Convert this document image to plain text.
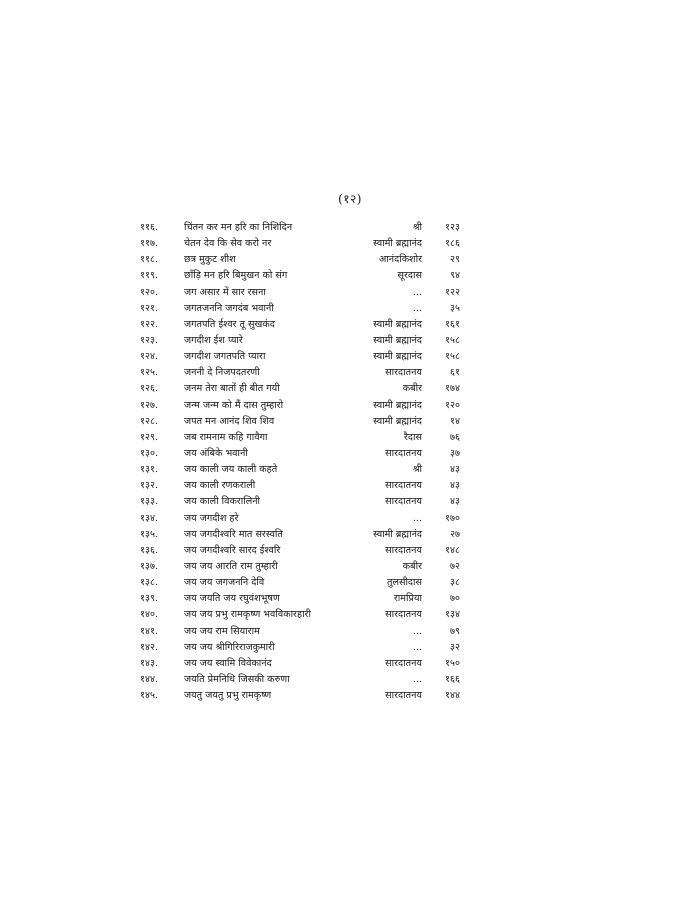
(१२)
११६.	चिंतन कर मन हरि का निशिदिन	श्री	१२३
११७.	चेतन देव कि सेव करो नर	स्वामी ब्रह्मानंद	१८६
११८.	छत्र मुकुट शीश	आनंदकिशोर	२९
११९.	छाँड़ि मन हरि बिमुखन को संग	सूरदास	९४
१२०.	जग असार में सार रसना	...	१२२
१२१.	जगतजननि जगदंब भवानी	...	३५
१२२.	जगतपति ईश्वर तू सुखकंद	स्वामी ब्रह्मानंद	१६१
१२३.	जगदीश ईश प्यारे	स्वामी ब्रह्मानंद	१५८
१२४.	जगदीश जगतपति प्यारा	स्वामी ब्रह्मानंद	१५८
१२५.	जननी दे निजपदतरणी	सारदातनय	६१
१२६.	जनम तेरा बातों ही बीत गयी	कबीर	१७४
१२७.	जन्म जन्म को मैं दास तुम्हारो	स्वामी ब्रह्मानंद	१२०
१२८.	जपत मन आनंद शिव शिव	स्वामी ब्रह्मानंद	१४
१२९.	जब रामनाम कहि गावैगा	रैदास	७६
१३०.	जय अंबिके भवानी	सारदातनय	३७
१३१.	जय काली जय काली कहते	श्री	४३
१३२.	जय काली रणकराली	सारदातनय	४३
१३३.	जय काली विकरालिनी	सारदातनय	४३
१३४.	जय जगदीश हरे	...	१७०
१३५.	जय जगदीश्वरि मात सरस्वति	स्वामी ब्रह्मानंद	२७
१३६.	जय जगदीश्वरि सारद ईश्वरि	सारदातनय	१४८
१३७.	जय जय आरति राम तुम्हारी	कबीर	७२
१३८.	जय जय जगजननि देवि	तुलसीदास	३८
१३९.	जय जयति जय रघुवंशभूषण	रामप्रिया	७०
१४०.	जय जय प्रभु रामकृष्ण भवविकारहारी	सारदातनय	१३४
१४१.	जय जय राम सियाराम	...	७९
१४२.	जय जय श्रीगिरिराजकुमारी	...	३२
१४३.	जय जय स्वामि विवेकानंद	सारदातनय	१५०
१४४.	जयति प्रेमनिधि जिसकी करुणा	...	१६६
१४५.	जयतु जयतु प्रभु रामकृष्ण	सारदातनय	१४४
